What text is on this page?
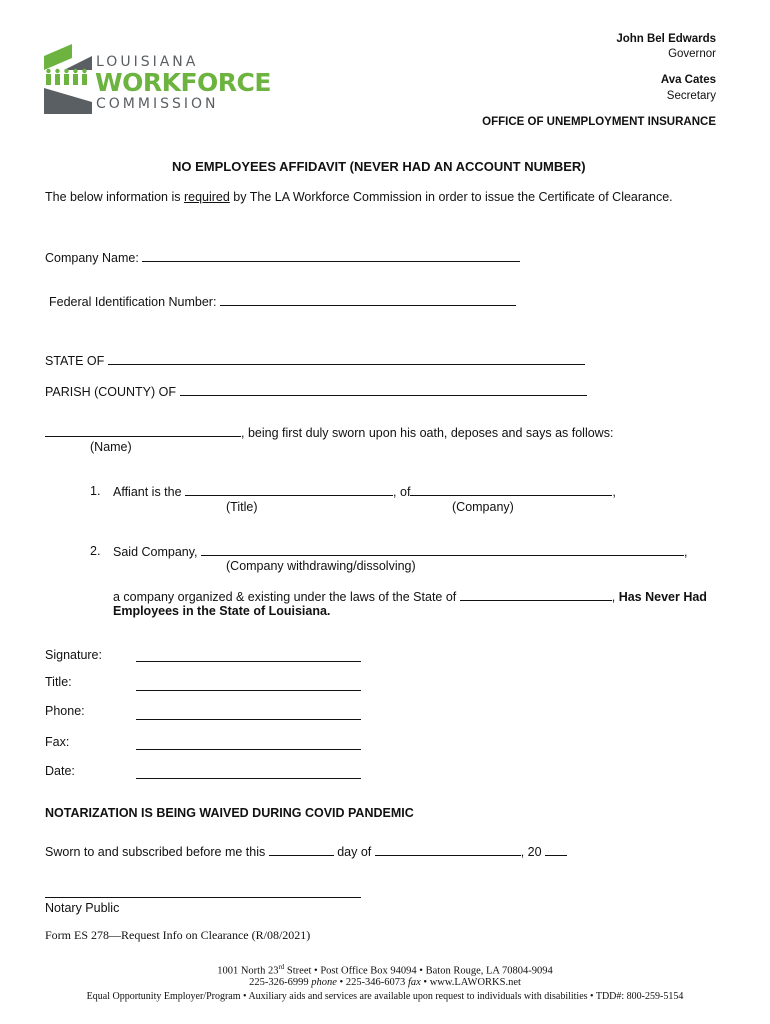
LOUISIANA
WORKFORCE
COMMISSION
John Bel Edwards
Governor
Ava Cates
Secretary
OFFICE OF UNEMPLOYMENT INSURANCE
NO EMPLOYEES AFFIDAVIT (NEVER HAD AN ACCOUNT NUMBER)
The below information is required by The LA Workforce Commission in order to issue the Certificate of Clearance.
Company Name:
Federal Identification Number:
STATE OF
PARISH (COUNTY) OF
, being first duly sworn upon his oath, deposes and says as follows:
(Name)
1. Affiant is the	, of	,
(Title)	(Company)
2. Said Company,	,
(Company withdrawing/dissolving)
a company organized & existing under the laws of the State of	, Has Never Had
Employees in the State of Louisiana.
Signature:
Title:
Phone:
Fax:
Date:
NOTARIZATION IS BEING WAIVED DURING COVID PANDEMIC
Sworn to and subscribed before me this	day of	, 20
Notary Public
Form ES 278—Request Info on Clearance (R/08/2021)
1001 North 23rd Street • Post Office Box 94094 • Baton Rouge, LA 70804-9094
225-326-6999 phone • 225-346-6073 fax • www.LAWORKS.net
Equal Opportunity Employer/Program • Auxiliary aids and services are available upon request to individuals with disabilities • TDD#: 800-259-5154
